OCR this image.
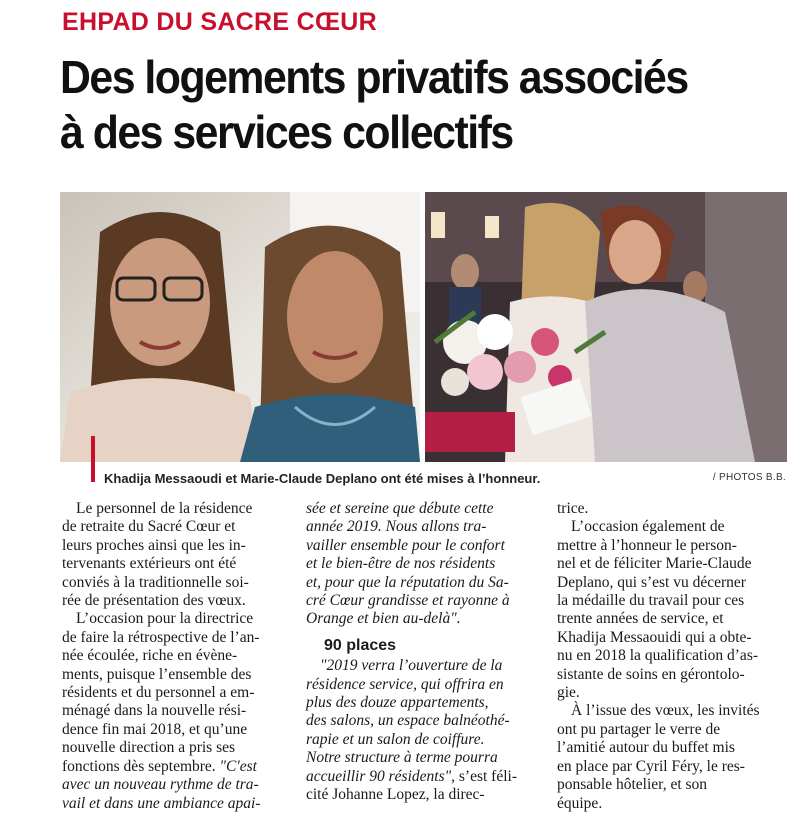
EHPAD DU SACRE CŒUR
Des logements privatifs associés
à des services collectifs
Khadija Messaoudi et Marie-Claude Deplano ont été mises à l’honneur.	/ PHOTOS B.B.
Le personnel de la résidence
de retraite du Sacré Cœur et
leurs proches ainsi que les in-
tervenants extérieurs ont été
conviés à la traditionnelle soi-
rée de présentation des vœux.
L’occasion pour la directrice
de faire la rétrospective de l’an-
née écoulée, riche en évène-
ments, puisque l’ensemble des
résidents et du personnel a em-
ménagé dans la nouvelle rési-
dence fin mai 2018, et qu’une
nouvelle direction a pris ses
fonctions dès septembre. "C'est
avec un nouveau rythme de tra-
vail et dans une ambiance apai-
sée et sereine que débute cette
année 2019. Nous allons tra-
vailler ensemble pour le confort
et le bien-être de nos résidents
et, pour que la réputation du Sa-
cré Cœur grandisse et rayonne à
Orange et bien au-delà".
90 places
"2019 verra l’ouverture de la
résidence service, qui offrira en
plus des douze appartements,
des salons, un espace balnéothé-
rapie et un salon de coiffure.
Notre structure à terme pourra
accueillir 90 résidents", s’est féli-
cité Johanne Lopez, la direc-
trice.
L’occasion également de
mettre à l’honneur le person-
nel et de féliciter Marie-Claude
Deplano, qui s’est vu décerner
la médaille du travail pour ces
trente années de service, et
Khadija Messaouidi qui a obte-
nu en 2018 la qualification d’as-
sistante de soins en gérontolo-
gie.
À l’issue des vœux, les invités
ont pu partager le verre de
l’amitié autour du buffet mis
en place par Cyril Féry, le res-
ponsable hôtelier, et son
équipe.
